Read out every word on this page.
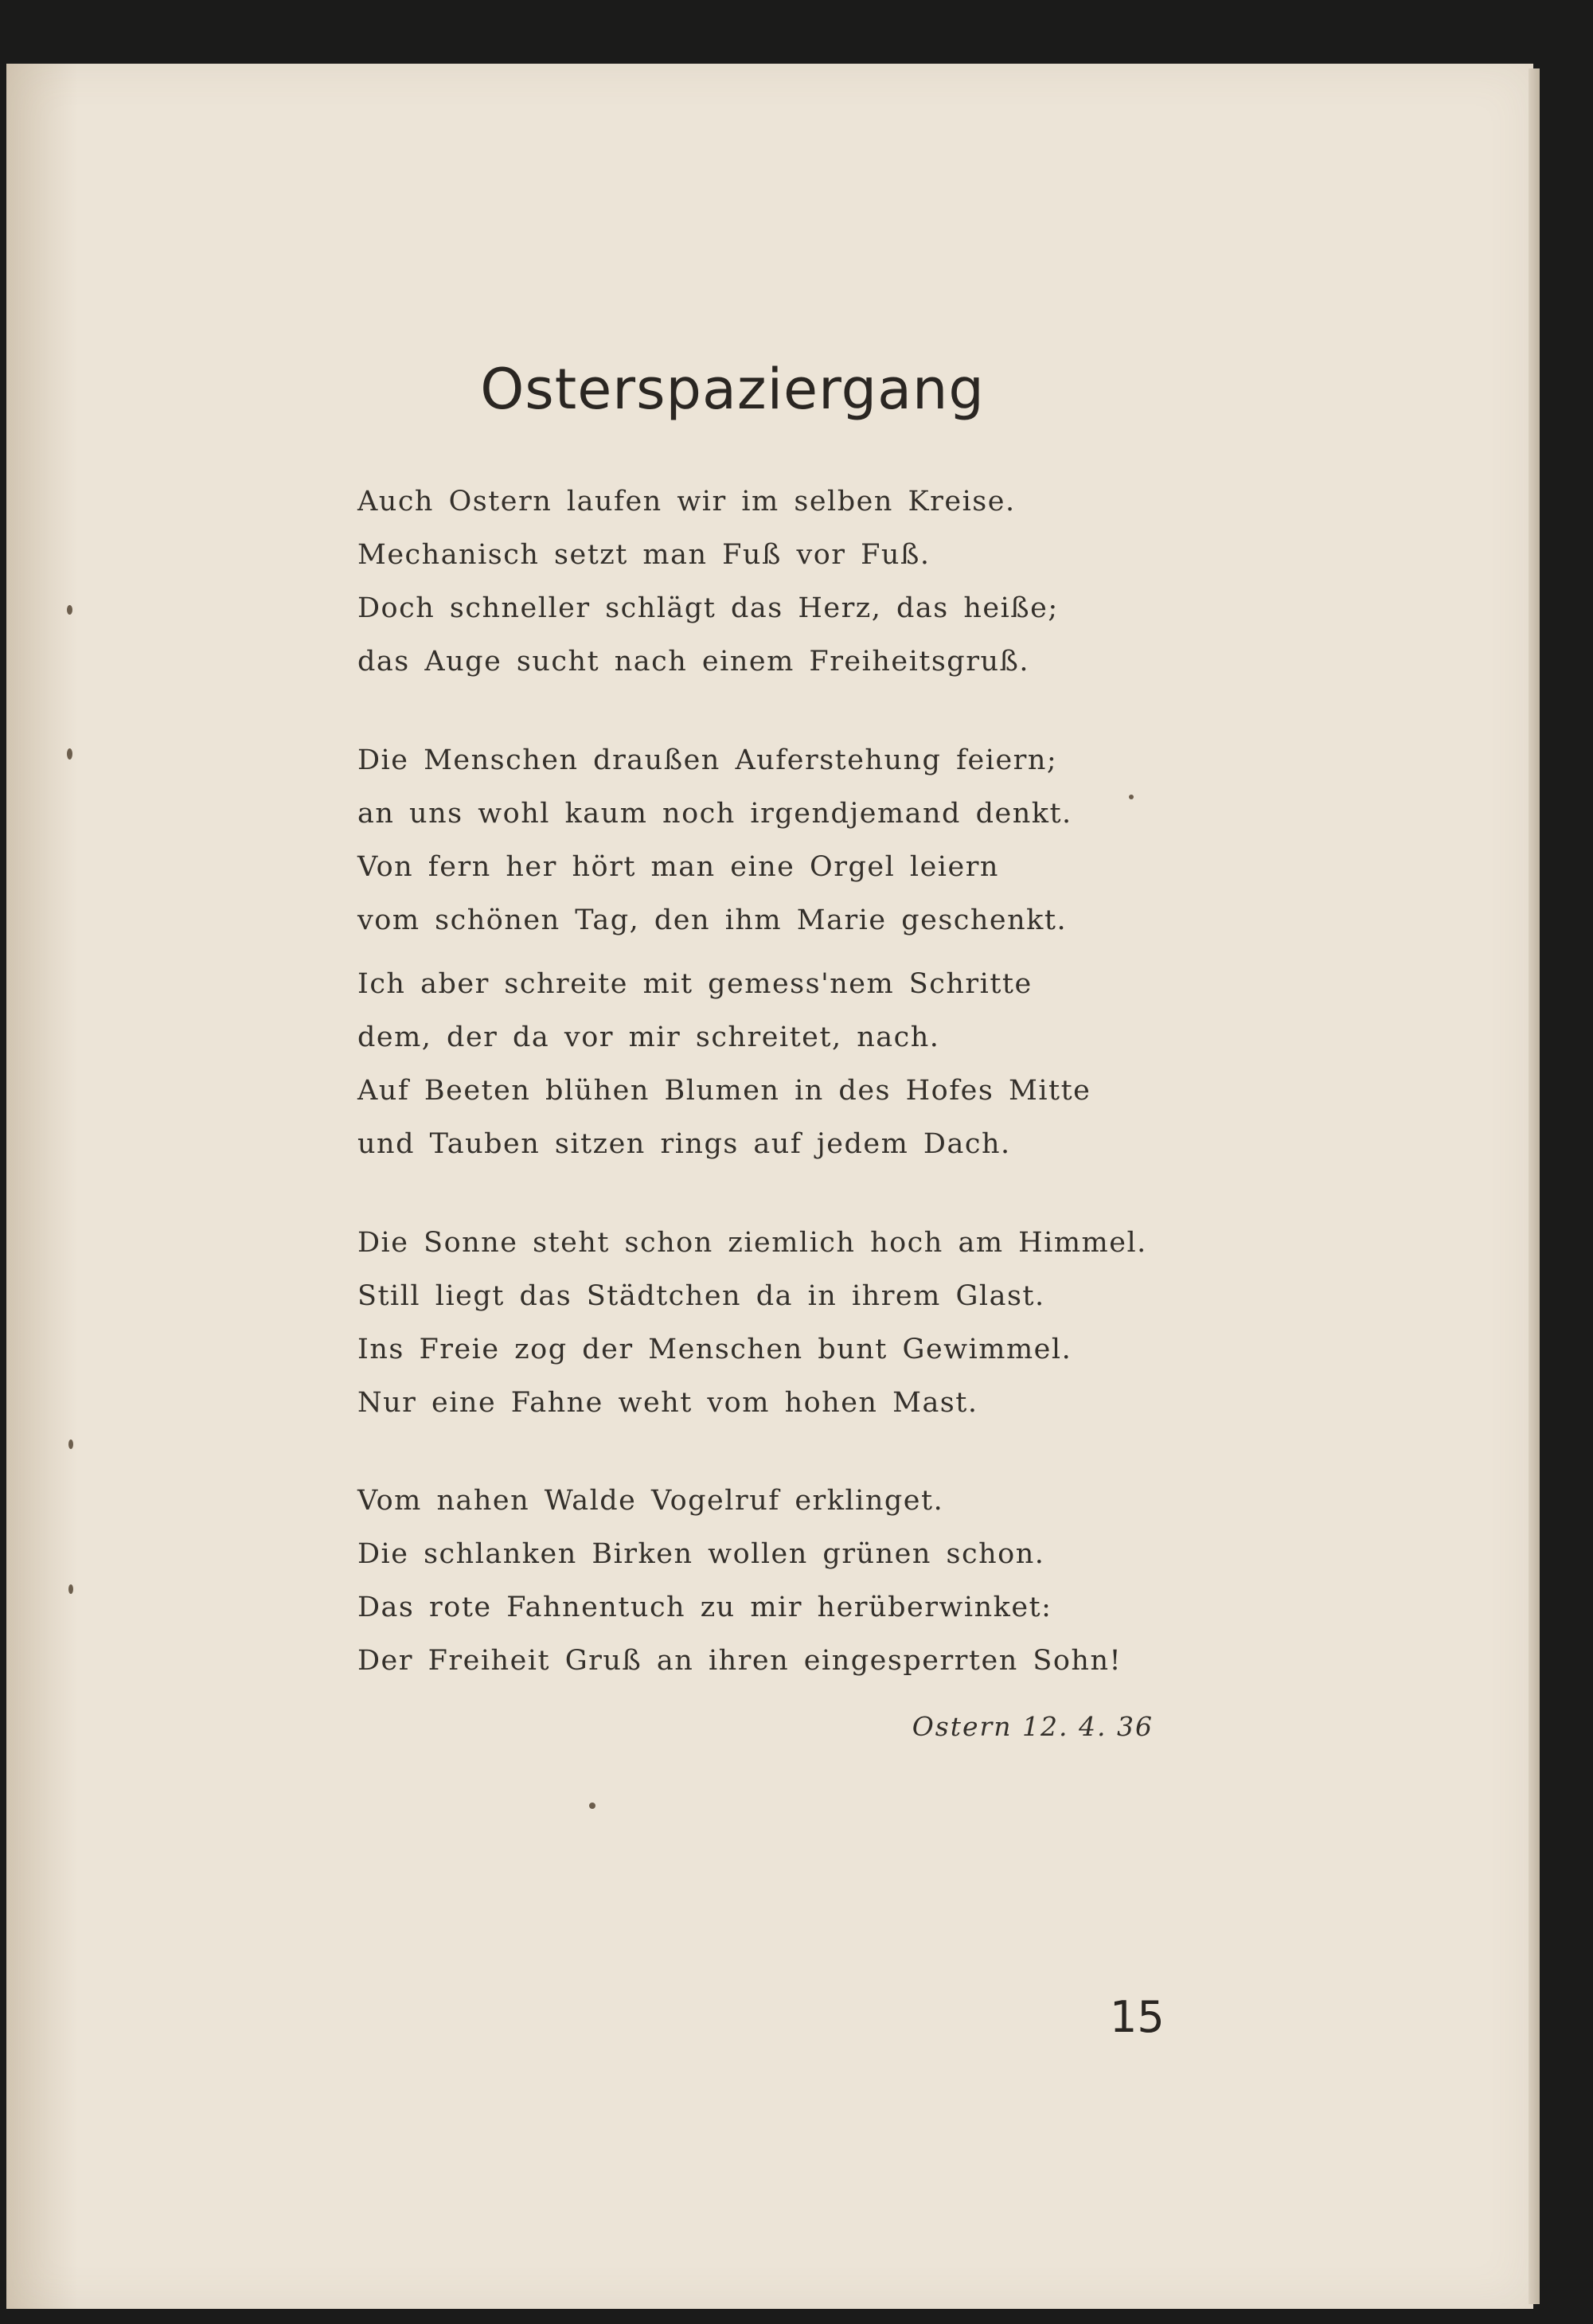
Osterspaziergang
Auch Ostern laufen wir im selben Kreise.
Mechanisch setzt man Fuß vor Fuß.
Doch schneller schlägt das Herz, das heiße;
das Auge sucht nach einem Freiheitsgruß.
Die Menschen draußen Auferstehung feiern;
an uns wohl kaum noch irgendjemand denkt.
Von fern her hört man eine Orgel leiern
vom schönen Tag, den ihm Marie geschenkt.
Ich aber schreite mit gemess'nem Schritte
dem, der da vor mir schreitet, nach.
Auf Beeten blühen Blumen in des Hofes Mitte
und Tauben sitzen rings auf jedem Dach.
Die Sonne steht schon ziemlich hoch am Himmel.
Still liegt das Städtchen da in ihrem Glast.
Ins Freie zog der Menschen bunt Gewimmel.
Nur eine Fahne weht vom hohen Mast.
Vom nahen Walde Vogelruf erklinget.
Die schlanken Birken wollen grünen schon.
Das rote Fahnentuch zu mir herüberwinket:
Der Freiheit Gruß an ihren eingesperrten Sohn!
Ostern 12. 4. 36
15
